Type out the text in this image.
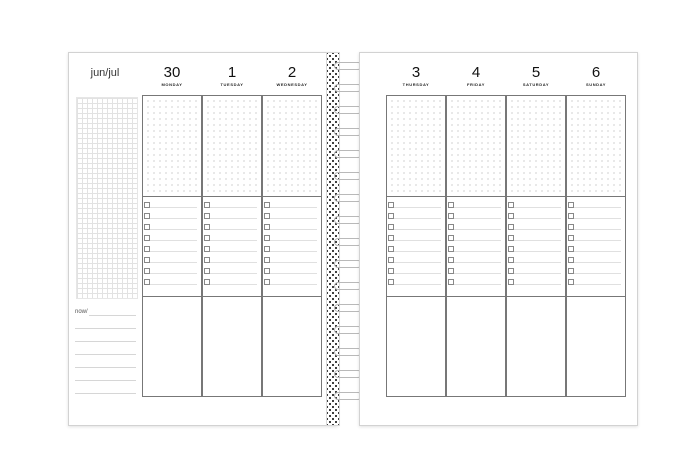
jun/jul
now/
30
MONDAY
1
TUESDAY
2
WEDNESDAY
3
THURSDAY
4
FRIDAY
5
SATURDAY
6
SUNDAY
